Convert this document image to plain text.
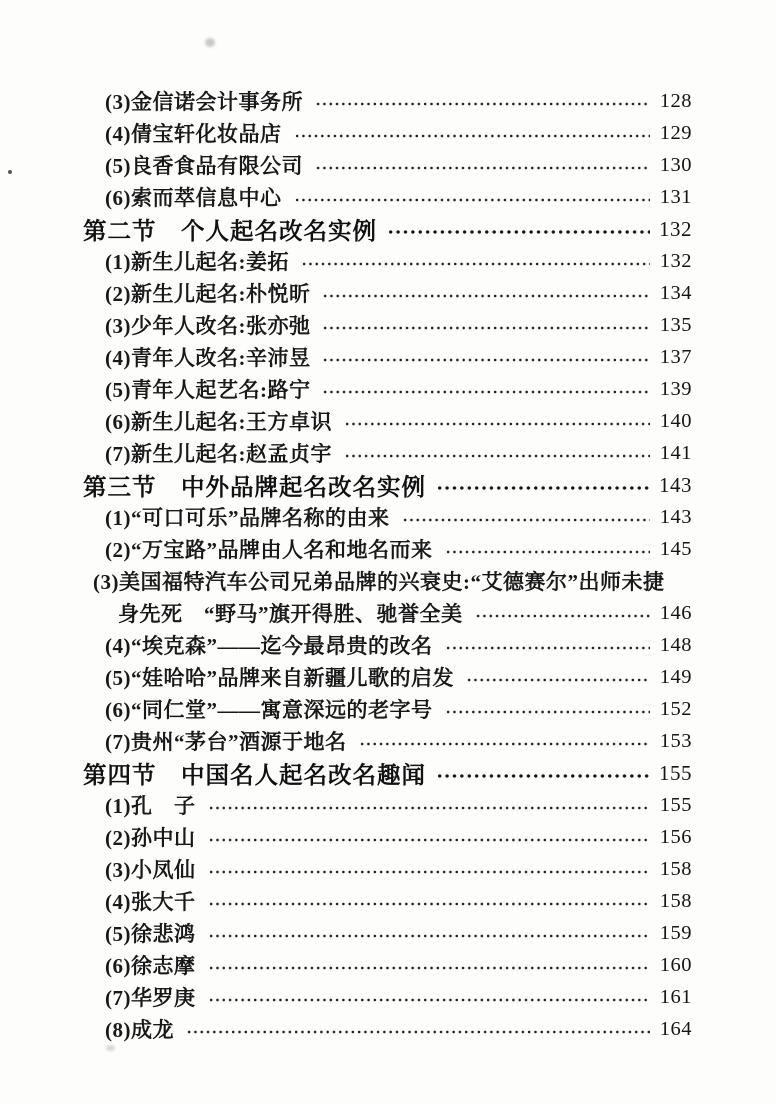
(3)金信诺会计事务所	128
(4)倩宝轩化妆品店	129
(5)良香食品有限公司	130
(6)索而萃信息中心	131
第二节　个人起名改名实例	132
(1)新生儿起名:姜拓	132
(2)新生儿起名:朴悦昕	134
(3)少年人改名:张亦弛	135
(4)青年人改名:辛沛昱	137
(5)青年人起艺名:路宁	139
(6)新生儿起名:王方卓识	140
(7)新生儿起名:赵孟贞宇	141
第三节　中外品牌起名改名实例	143
(1)“可口可乐”品牌名称的由来	143
(2)“万宝路”品牌由人名和地名而来	145
(3)美国福特汽车公司兄弟品牌的兴衰史:“艾德赛尔”出师未捷
身先死　“野马”旗开得胜、驰誉全美	146
(4)“埃克森”——迄今最昂贵的改名	148
(5)“娃哈哈”品牌来自新疆儿歌的启发	149
(6)“同仁堂”——寓意深远的老字号	152
(7)贵州“茅台”酒源于地名	153
第四节　中国名人起名改名趣闻	155
(1)孔　子	155
(2)孙中山	156
(3)小凤仙	158
(4)张大千	158
(5)徐悲鸿	159
(6)徐志摩	160
(7)华罗庚	161
(8)成龙	164
